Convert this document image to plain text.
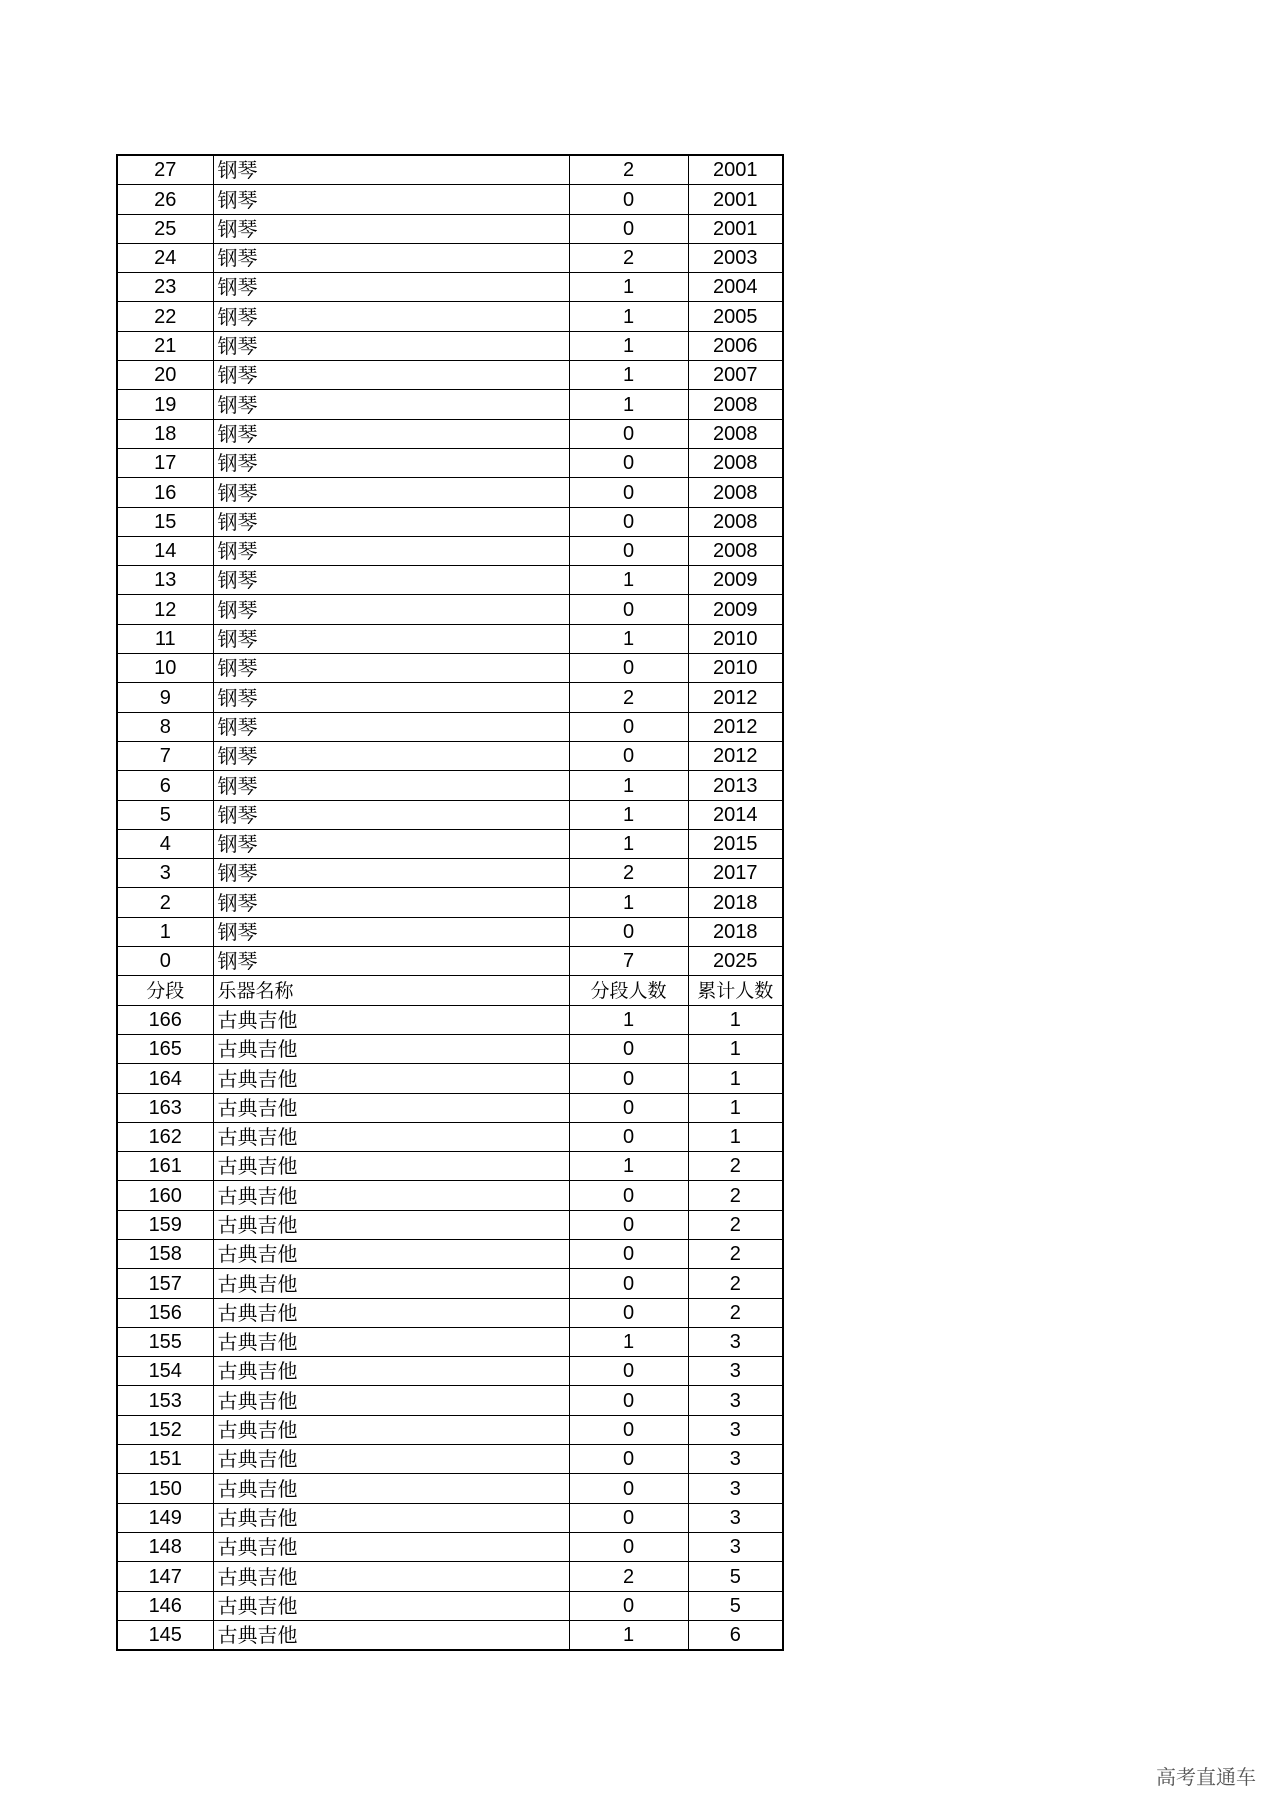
27	钢琴	2	2001
26	钢琴	0	2001
25	钢琴	0	2001
24	钢琴	2	2003
23	钢琴	1	2004
22	钢琴	1	2005
21	钢琴	1	2006
20	钢琴	1	2007
19	钢琴	1	2008
18	钢琴	0	2008
17	钢琴	0	2008
16	钢琴	0	2008
15	钢琴	0	2008
14	钢琴	0	2008
13	钢琴	1	2009
12	钢琴	0	2009
11	钢琴	1	2010
10	钢琴	0	2010
9	钢琴	2	2012
8	钢琴	0	2012
7	钢琴	0	2012
6	钢琴	1	2013
5	钢琴	1	2014
4	钢琴	1	2015
3	钢琴	2	2017
2	钢琴	1	2018
1	钢琴	0	2018
0	钢琴	7	2025
分段	乐器名称	分段人数	累计人数
166	古典吉他	1	1
165	古典吉他	0	1
164	古典吉他	0	1
163	古典吉他	0	1
162	古典吉他	0	1
161	古典吉他	1	2
160	古典吉他	0	2
159	古典吉他	0	2
158	古典吉他	0	2
157	古典吉他	0	2
156	古典吉他	0	2
155	古典吉他	1	3
154	古典吉他	0	3
153	古典吉他	0	3
152	古典吉他	0	3
151	古典吉他	0	3
150	古典吉他	0	3
149	古典吉他	0	3
148	古典吉他	0	3
147	古典吉他	2	5
146	古典吉他	0	5
145	古典吉他	1	6
高考直通车
